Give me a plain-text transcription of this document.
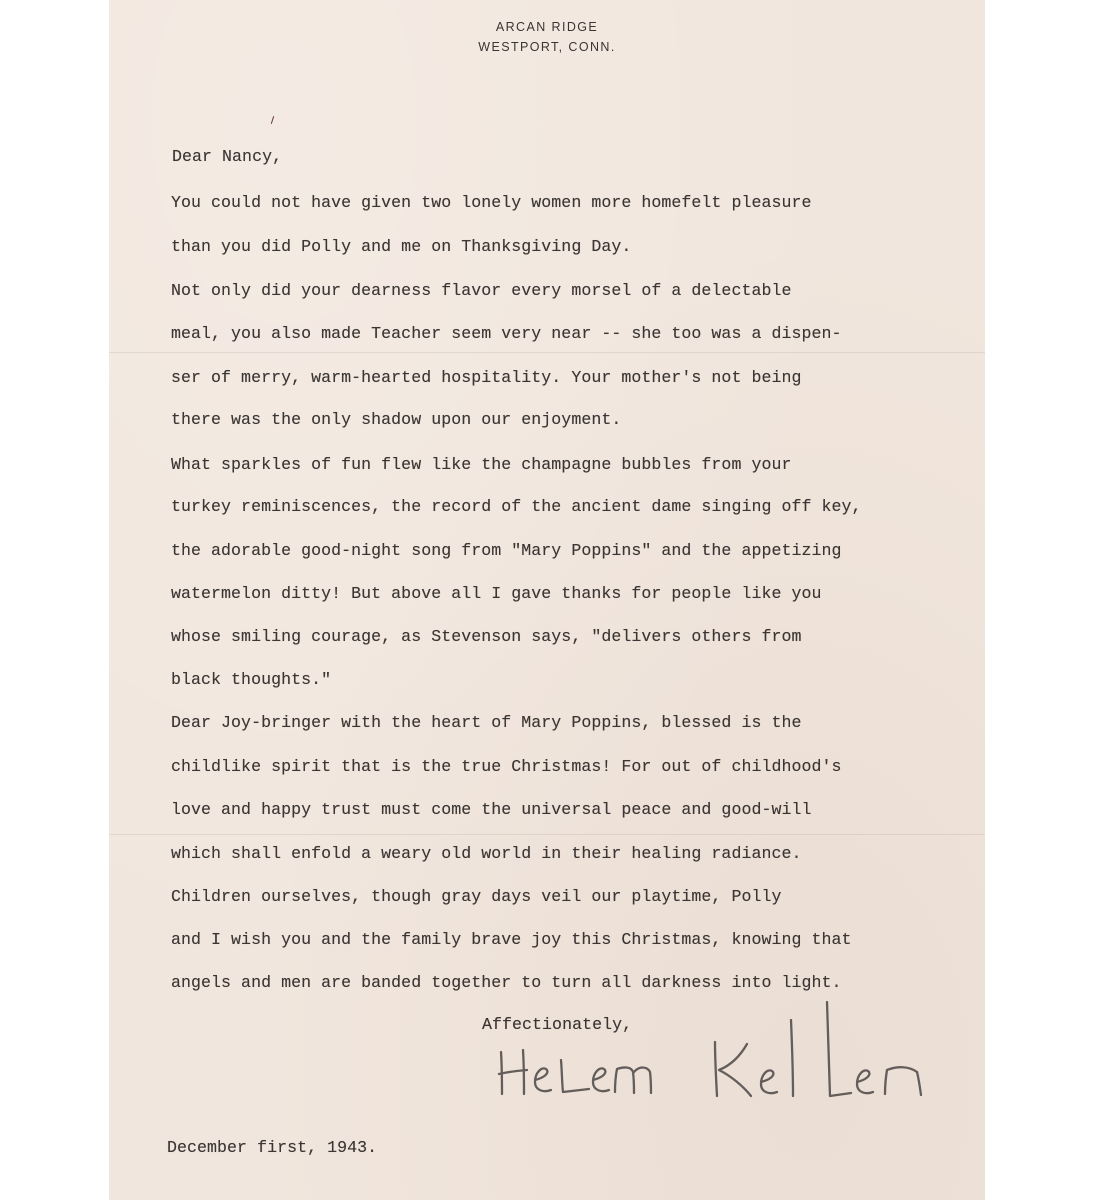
ARCAN RIDGE
WESTPORT, CONN.
Dear Nancy,
You could not have given two lonely women more homefelt pleasure
than you did Polly and me on Thanksgiving Day.
Not only did your dearness flavor every morsel of a delectable
meal, you also made Teacher seem very near -- she too was a dispen-
ser of merry, warm-hearted hospitality. Your mother's not being
there was the only shadow upon our enjoyment.
What sparkles of fun flew like the champagne bubbles from your
turkey reminiscences, the record of the ancient dame singing off key,
the adorable good-night song from "Mary Poppins" and the appetizing
watermelon ditty! But above all I gave thanks for people like you
whose smiling courage, as Stevenson says, "delivers others from
black thoughts."
Dear Joy-bringer with the heart of Mary Poppins, blessed is the
childlike spirit that is the true Christmas! For out of childhood's
love and happy trust must come the universal peace and good-will
which shall enfold a weary old world in their healing radiance.
Children ourselves, though gray days veil our playtime, Polly
and I wish you and the family brave joy this Christmas, knowing that
angels and men are banded together to turn all darkness into light.
Affectionately,
December first, 1943.
